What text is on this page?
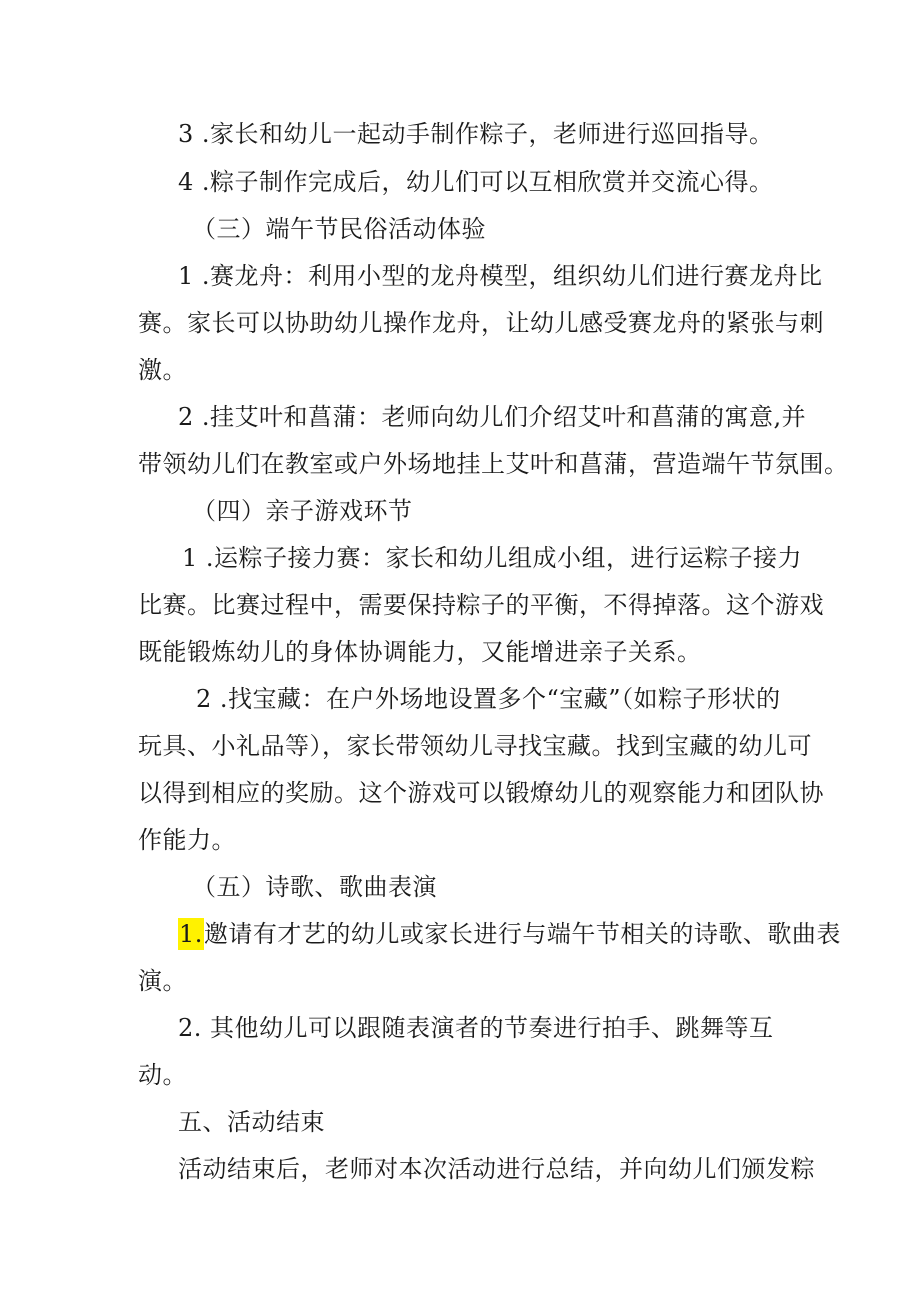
3 .家长和幼儿一起动手制作粽子，老师进行巡回指导。
4 .粽子制作完成后，幼儿们可以互相欣赏并交流心得。
（三）端午节民俗活动体验
1 .赛龙舟：利用小型的龙舟模型，组织幼儿们进行赛龙舟比
赛。家长可以协助幼儿操作龙舟，让幼儿感受赛龙舟的紧张与刺
激。
2 .挂艾叶和菖蒲：老师向幼儿们介绍艾叶和菖蒲的寓意,并
带领幼儿们在教室或户外场地挂上艾叶和菖蒲，营造端午节氛围。
（四）亲子游戏环节
1 .运粽子接力赛：家长和幼儿组成小组，进行运粽子接力
比赛。比赛过程中，需要保持粽子的平衡，不得掉落。这个游戏
既能锻炼幼儿的身体协调能力，又能增进亲子关系。
2 .找宝藏：在户外场地设置多个“宝藏”（如粽子形状的
玩具、小礼品等），家长带领幼儿寻找宝藏。找到宝藏的幼儿可
以得到相应的奖励。这个游戏可以锻燎幼儿的观察能力和团队协
作能力。
（五）诗歌、歌曲表演
1.邀请有才艺的幼儿或家长进行与端午节相关的诗歌、歌曲表
演。
2. 其他幼儿可以跟随表演者的节奏进行拍手、跳舞等互
动。
五、活动结束
活动结束后，老师对本次活动进行总结，并向幼儿们颁发粽
